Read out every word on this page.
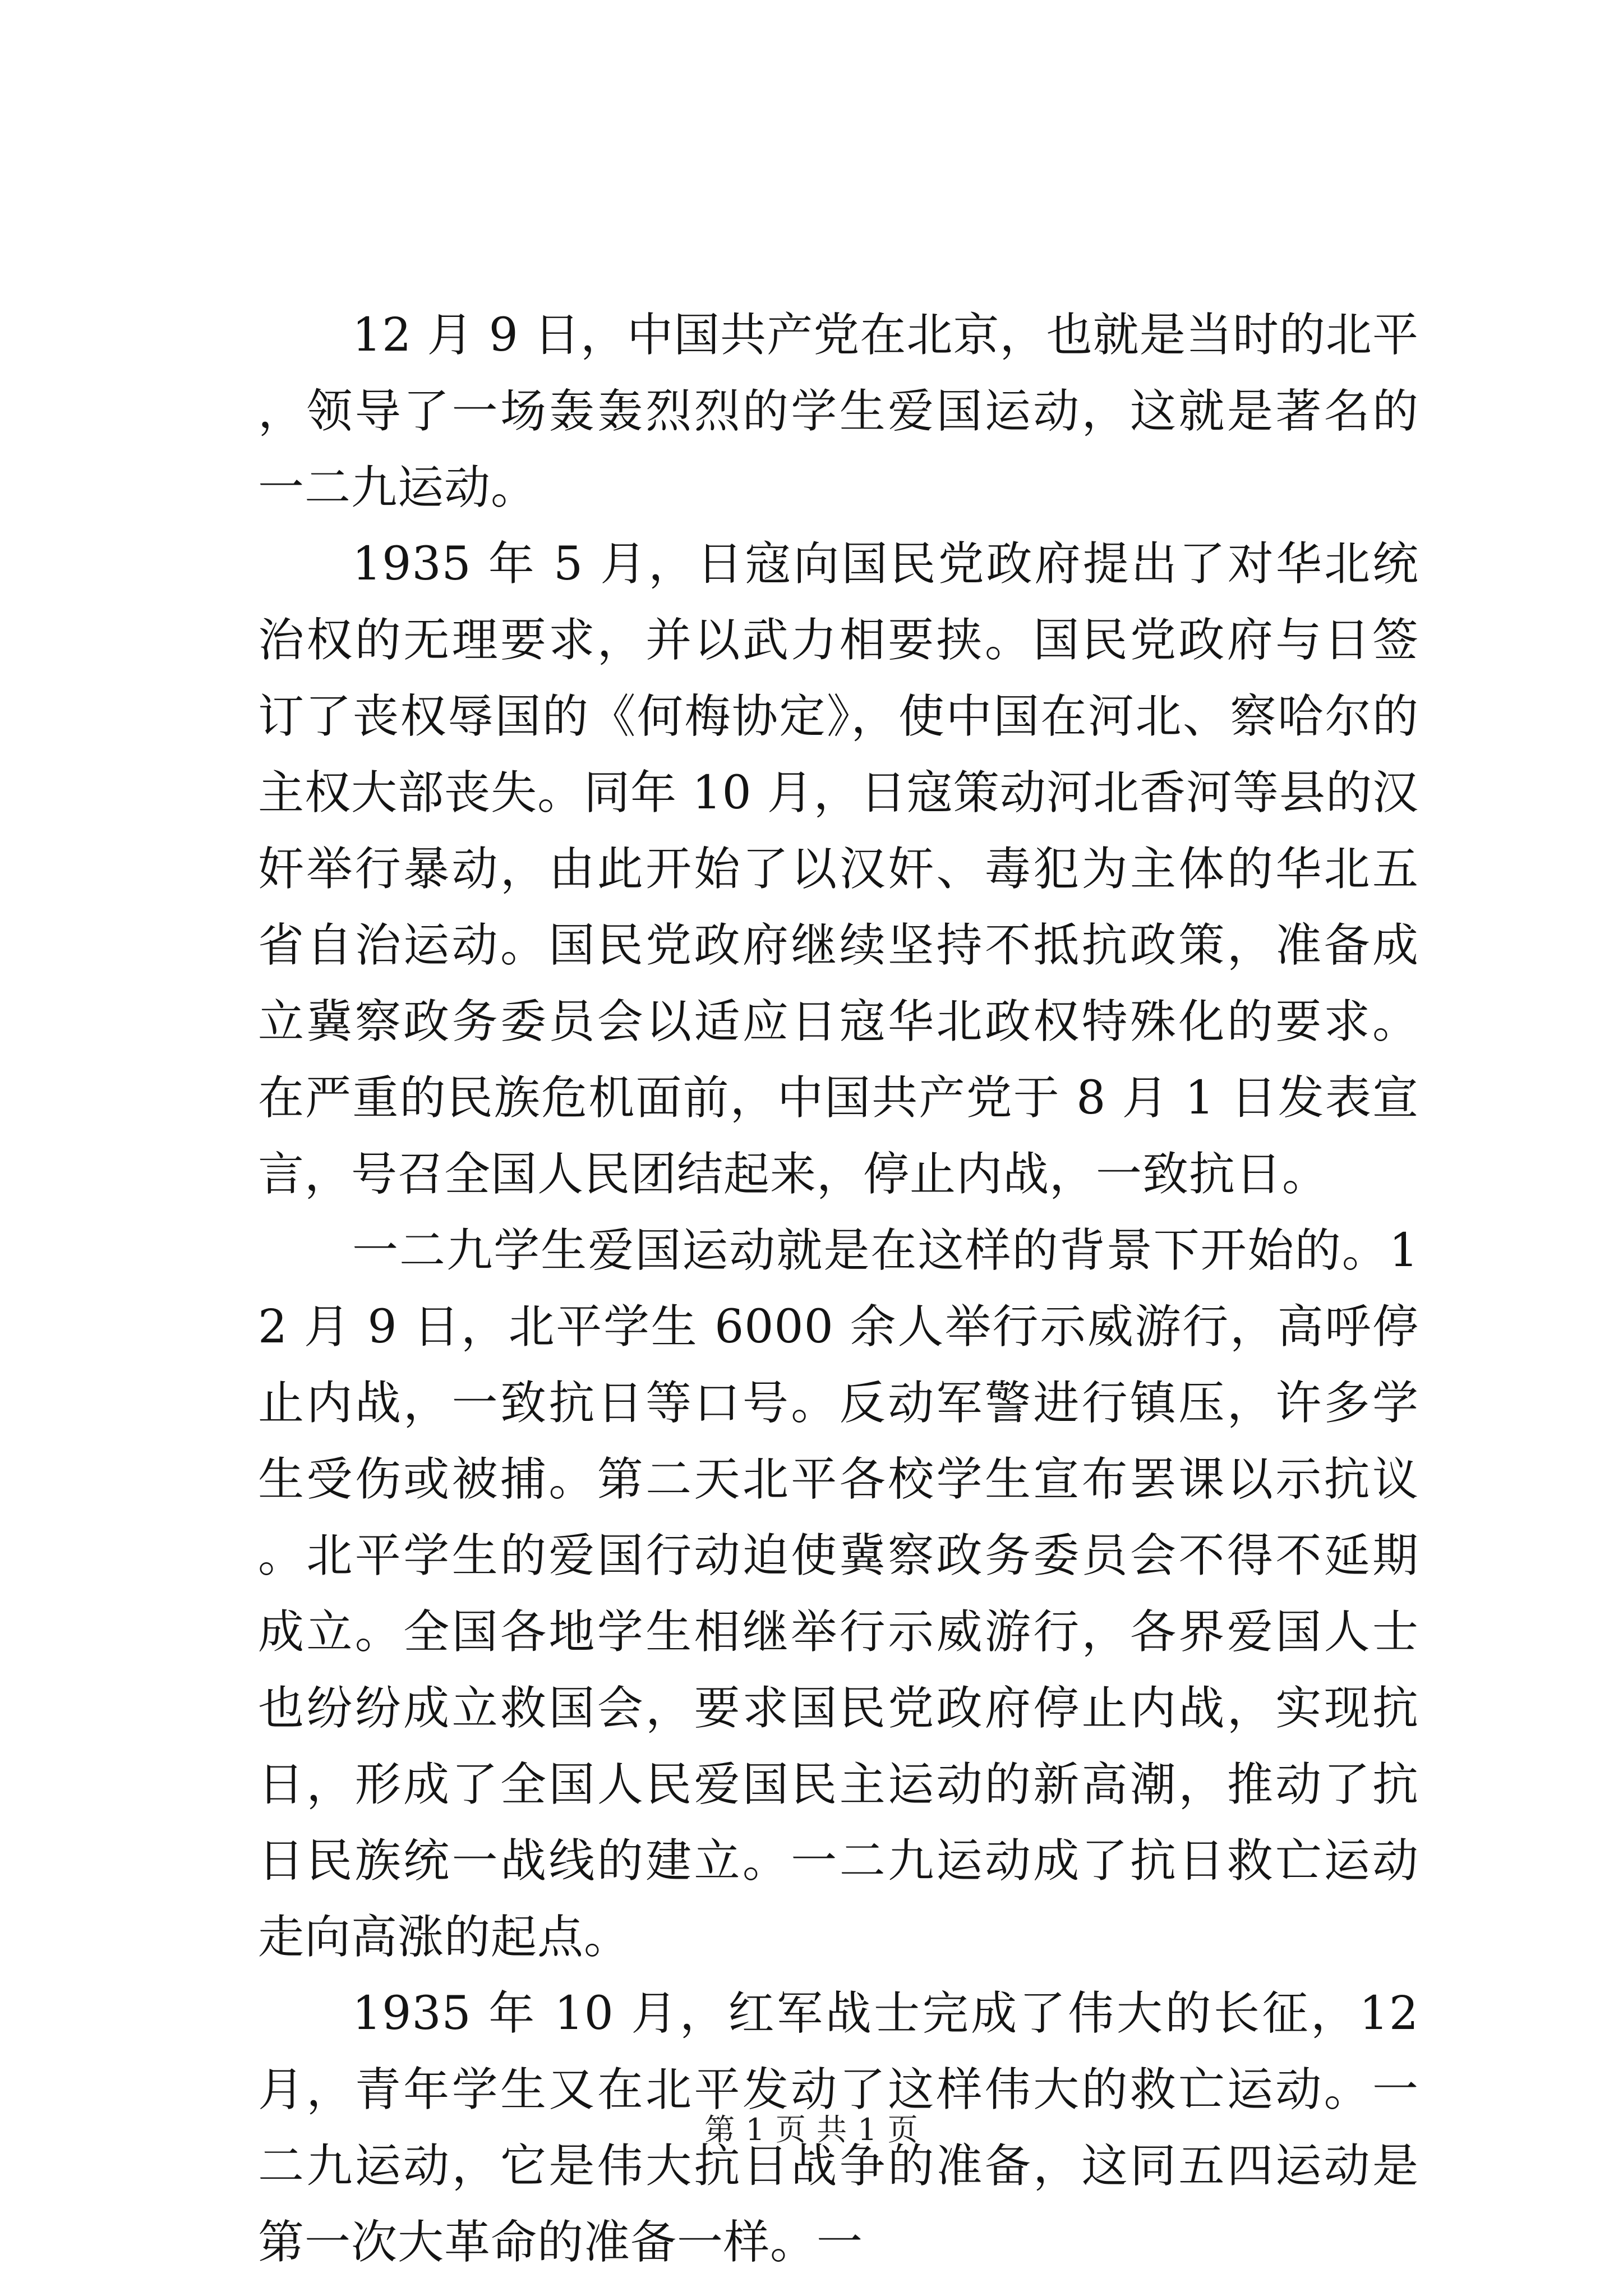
12 月 9 日，中国共产党在北京，也就是当时的北平，领导了一场轰轰烈烈的学生爱国运动，这就是著名的一二九运动。

1935 年 5 月，日寇向国民党政府提出了对华北统治权的无理要求，并以武力相要挟。国民党政府与日签订了丧权辱国的《何梅协定》，使中国在河北、察哈尔的主权大部丧失。同年 10 月，日寇策动河北香河等县的汉奸举行暴动，由此开始了以汉奸、毒犯为主体的华北五省自治运动。国民党政府继续坚持不抵抗政策，准备成立冀察政务委员会以适应日寇华北政权特殊化的要求。在严重的民族危机面前，中国共产党于 8 月 1 日发表宣言，号召全国人民团结起来，停止内战，一致抗日。

一二九学生爱国运动就是在这样的背景下开始的。12 月 9 日，北平学生 6000 余人举行示威游行，高呼停止内战，一致抗日等口号。反动军警进行镇压，许多学生受伤或被捕。第二天北平各校学生宣布罢课以示抗议。北平学生的爱国行动迫使冀察政务委员会不得不延期成立。全国各地学生相继举行示威游行，各界爱国人士也纷纷成立救国会，要求国民党政府停止内战，实现抗日，形成了全国人民爱国民主运动的新高潮，推动了抗日民族统一战线的建立。一二九运动成了抗日救亡运动走向高涨的起点。

1935 年 10 月，红军战士完成了伟大的长征，12 月，青年学生又在北平发动了这样伟大的救亡运动。一二九运动，它是伟大抗日战争的准备，这同五四运动是第一次大革命的准备一样。一

第 1 页 共 1 页
